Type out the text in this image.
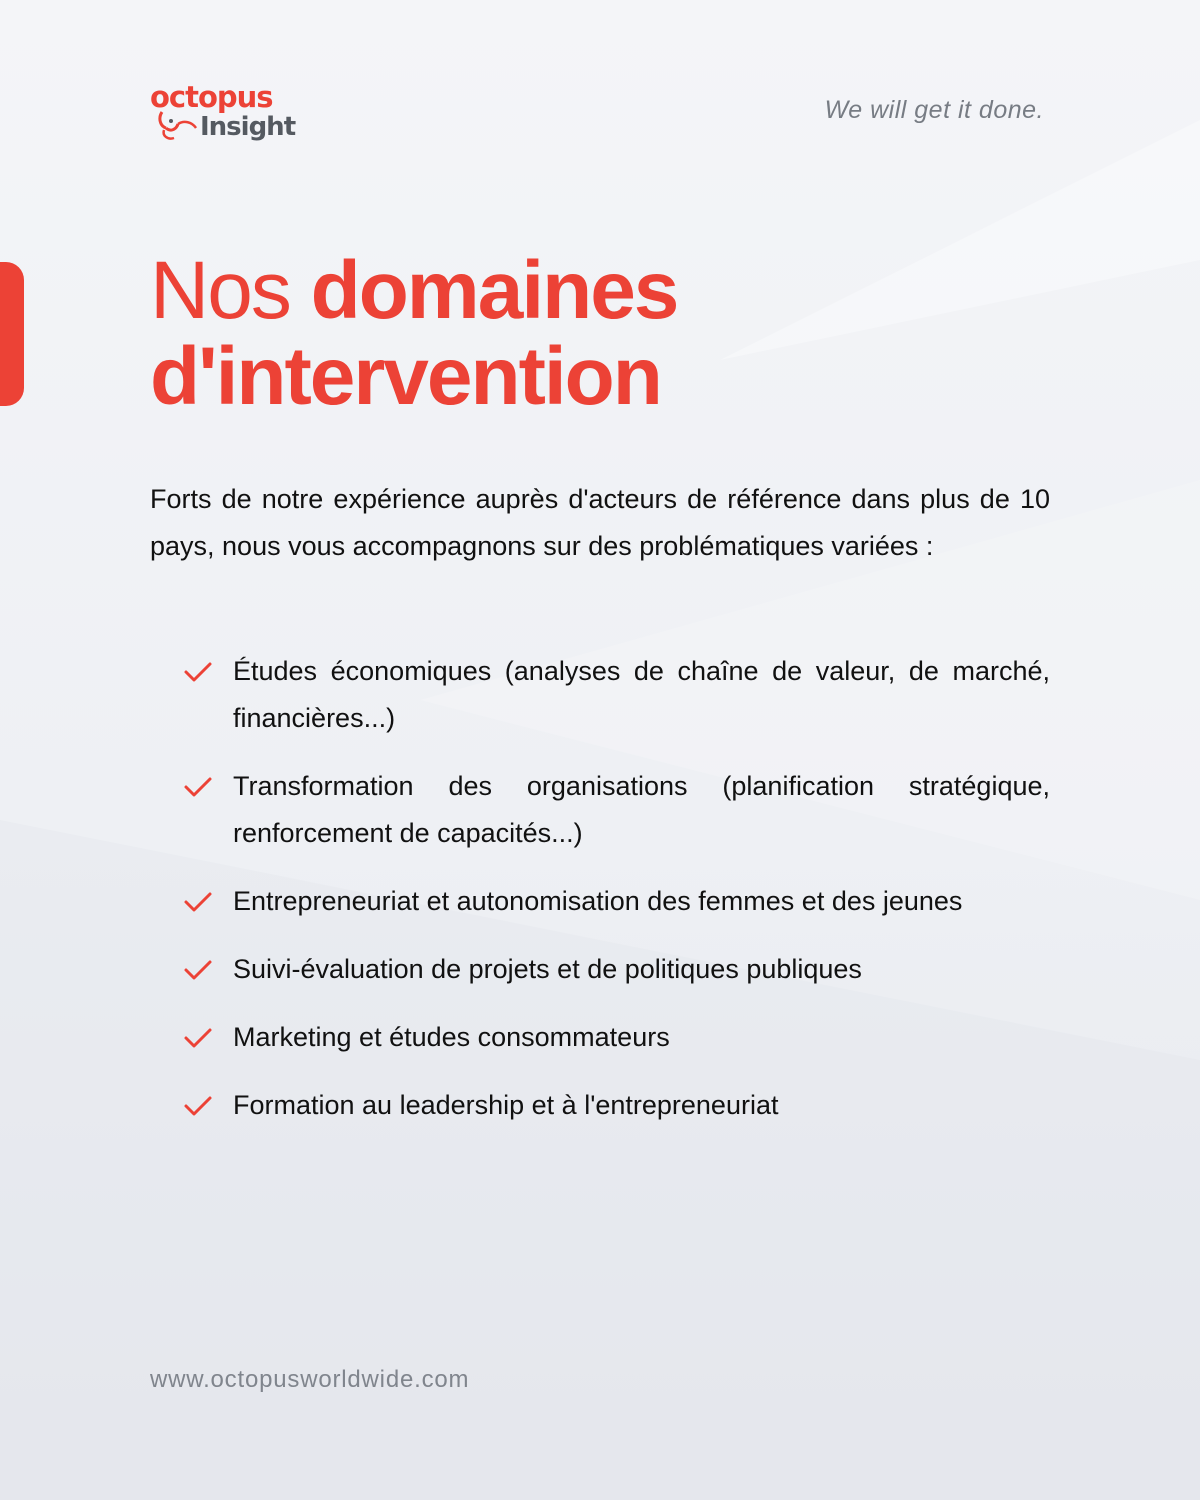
octopus
Insight
We will get it done.
Nos domaines
d'intervention
Forts de notre expérience auprès d'acteurs de référence dans plus de 10 pays, nous vous accompagnons sur des problématiques variées :
Études économiques (analyses de chaîne de valeur, de marché, financières...)
Transformation des organisations (planification stratégique, renforcement de capacités...)
Entrepreneuriat et autonomisation des femmes et des jeunes
Suivi-évaluation de projets et de politiques publiques
Marketing et études consommateurs
Formation au leadership et à l'entrepreneuriat
www.octopusworldwide.com
